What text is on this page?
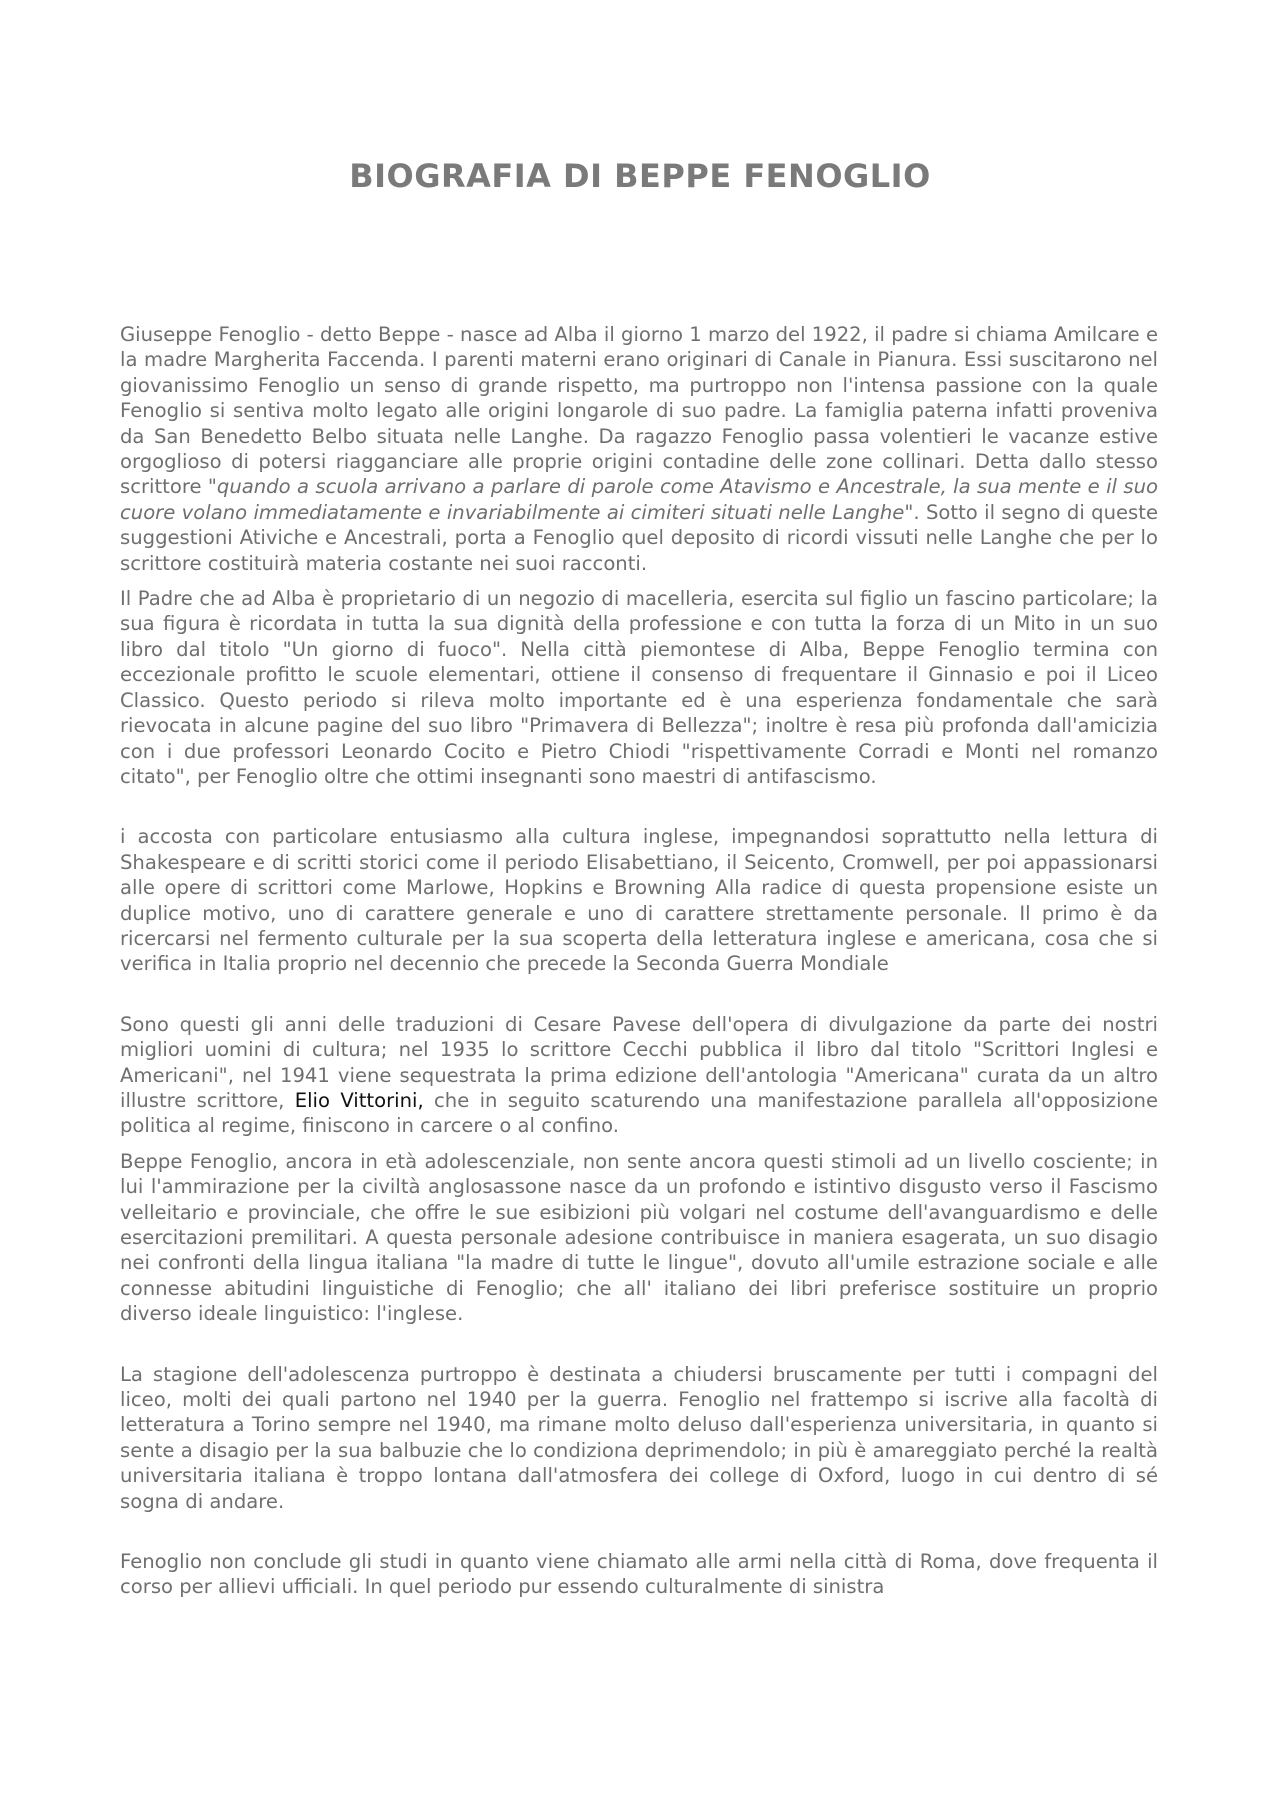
BIOGRAFIA DI BEPPE FENOGLIO

Giuseppe Fenoglio - detto Beppe - nasce ad Alba il giorno 1 marzo del 1922, il padre si chiama Amilcare e la madre Margherita Faccenda. I parenti materni erano originari di Canale in Pianura. Essi suscitarono nel giovanissimo Fenoglio un senso di grande rispetto, ma purtroppo non l'intensa passione con la quale Fenoglio si sentiva molto legato alle origini longarole di suo padre. La famiglia paterna infatti proveniva da San Benedetto Belbo situata nelle Langhe. Da ragazzo Fenoglio passa volentieri le vacanze estive orgoglioso di potersi riagganciare alle proprie origini contadine delle zone collinari. Detta dallo stesso scrittore "quando a scuola arrivano a parlare di parole come Atavismo e Ancestrale, la sua mente e il suo cuore volano immediatamente e invariabilmente ai cimiteri situati nelle Langhe". Sotto il segno di queste suggestioni Ativiche e Ancestrali, porta a Fenoglio quel deposito di ricordi vissuti nelle Langhe che per lo scrittore costituirà materia costante nei suoi racconti.

Il Padre che ad Alba è proprietario di un negozio di macelleria, esercita sul figlio un fascino particolare; la sua figura è ricordata in tutta la sua dignità della professione e con tutta la forza di un Mito in un suo libro dal titolo "Un giorno di fuoco". Nella città piemontese di Alba, Beppe Fenoglio termina con eccezionale profitto le scuole elementari, ottiene il consenso di frequentare il Ginnasio e poi il Liceo Classico. Questo periodo si rileva molto importante ed è una esperienza fondamentale che sarà rievocata in alcune pagine del suo libro "Primavera di Bellezza"; inoltre è resa più profonda dall'amicizia con i due professori Leonardo Cocito e Pietro Chiodi "rispettivamente Corradi e Monti nel romanzo citato", per Fenoglio oltre che ottimi insegnanti sono maestri di antifascismo.

i accosta con particolare entusiasmo alla cultura inglese, impegnandosi soprattutto nella lettura di Shakespeare e di scritti storici come il periodo Elisabettiano, il Seicento, Cromwell, per poi appassionarsi alle opere di scrittori come Marlowe, Hopkins e Browning Alla radice di questa propensione esiste un duplice motivo, uno di carattere generale e uno di carattere strettamente personale. Il primo è da ricercarsi nel fermento culturale per la sua scoperta della letteratura inglese e americana, cosa che si verifica in Italia proprio nel decennio che precede la Seconda Guerra Mondiale

Sono questi gli anni delle traduzioni di Cesare Pavese dell'opera di divulgazione da parte dei nostri migliori uomini di cultura; nel 1935 lo scrittore Cecchi pubblica il libro dal titolo "Scrittori Inglesi e Americani", nel 1941 viene sequestrata la prima edizione dell'antologia "Americana" curata da un altro illustre scrittore, Elio Vittorini, che in seguito scaturendo una manifestazione parallela all'opposizione politica al regime, finiscono in carcere o al confino.

Beppe Fenoglio, ancora in età adolescenziale, non sente ancora questi stimoli ad un livello cosciente; in lui l'ammirazione per la civiltà anglosassone nasce da un profondo e istintivo disgusto verso il Fascismo velleitario e provinciale, che offre le sue esibizioni più volgari nel costume dell'avanguardismo e delle esercitazioni premilitari. A questa personale adesione contribuisce in maniera esagerata, un suo disagio nei confronti della lingua italiana "la madre di tutte le lingue", dovuto all'umile estrazione sociale e alle connesse abitudini linguistiche di Fenoglio; che all' italiano dei libri preferisce sostituire un proprio diverso ideale linguistico: l'inglese.

La stagione dell'adolescenza purtroppo è destinata a chiudersi bruscamente per tutti i compagni del liceo, molti dei quali partono nel 1940 per la guerra. Fenoglio nel frattempo si iscrive alla facoltà di letteratura a Torino sempre nel 1940, ma rimane molto deluso dall'esperienza universitaria, in quanto si sente a disagio per la sua balbuzie che lo condiziona deprimendolo; in più è amareggiato perché la realtà universitaria italiana è troppo lontana dall'atmosfera dei college di Oxford, luogo in cui dentro di sé sogna di andare.

Fenoglio non conclude gli studi in quanto viene chiamato alle armi nella città di Roma, dove frequenta il corso per allievi ufficiali. In quel periodo pur essendo culturalmente di sinistra
